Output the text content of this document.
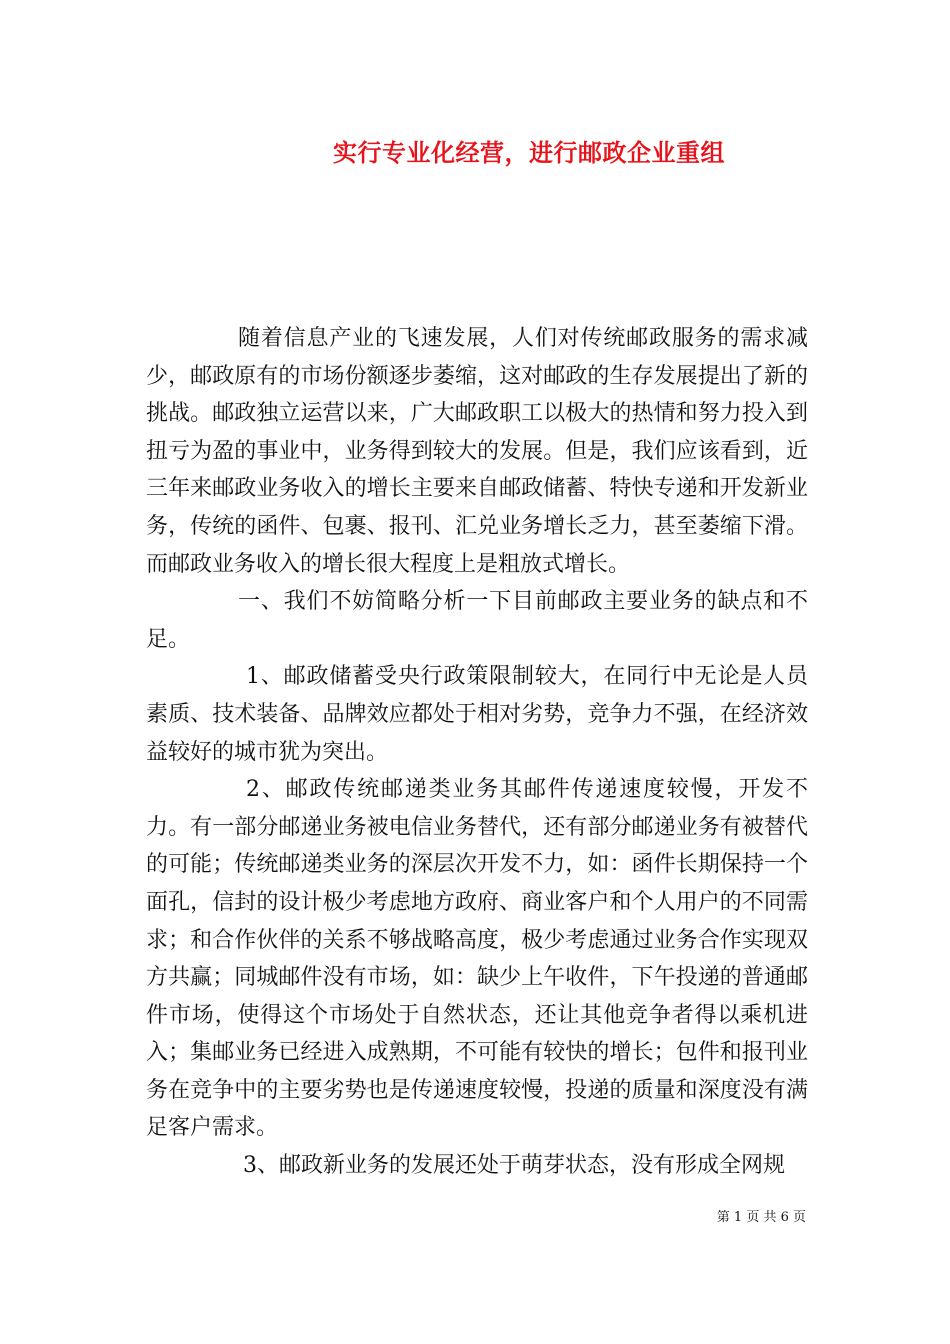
实行专业化经营，进行邮政企业重组

随着信息产业的飞速发展，人们对传统邮政服务的需求减少，邮政原有的市场份额逐步萎缩，这对邮政的生存发展提出了新的挑战。邮政独立运营以来，广大邮政职工以极大的热情和努力投入到扭亏为盈的事业中，业务得到较大的发展。但是，我们应该看到，近三年来邮政业务收入的增长主要来自邮政储蓄、特快专递和开发新业务，传统的函件、包裹、报刊、汇兑业务增长乏力，甚至萎缩下滑。而邮政业务收入的增长很大程度上是粗放式增长。

一、我们不妨简略分析一下目前邮政主要业务的缺点和不足。

1、邮政储蓄受央行政策限制较大，在同行中无论是人员素质、技术装备、品牌效应都处于相对劣势，竞争力不强，在经济效益较好的城市犹为突出。

2、邮政传统邮递类业务其邮件传递速度较慢，开发不力。有一部分邮递业务被电信业务替代，还有部分邮递业务有被替代的可能；传统邮递类业务的深层次开发不力，如：函件长期保持一个面孔，信封的设计极少考虑地方政府、商业客户和个人用户的不同需求；和合作伙伴的关系不够战略高度，极少考虑通过业务合作实现双方共赢；同城邮件没有市场，如：缺少上午收件，下午投递的普通邮件市场，使得这个市场处于自然状态，还让其他竞争者得以乘机进入；集邮业务已经进入成熟期，不可能有较快的增长；包件和报刊业务在竞争中的主要劣势也是传递速度较慢，投递的质量和深度没有满足客户需求。

3、邮政新业务的发展还处于萌芽状态，没有形成全网规

第 1 页 共 6 页
